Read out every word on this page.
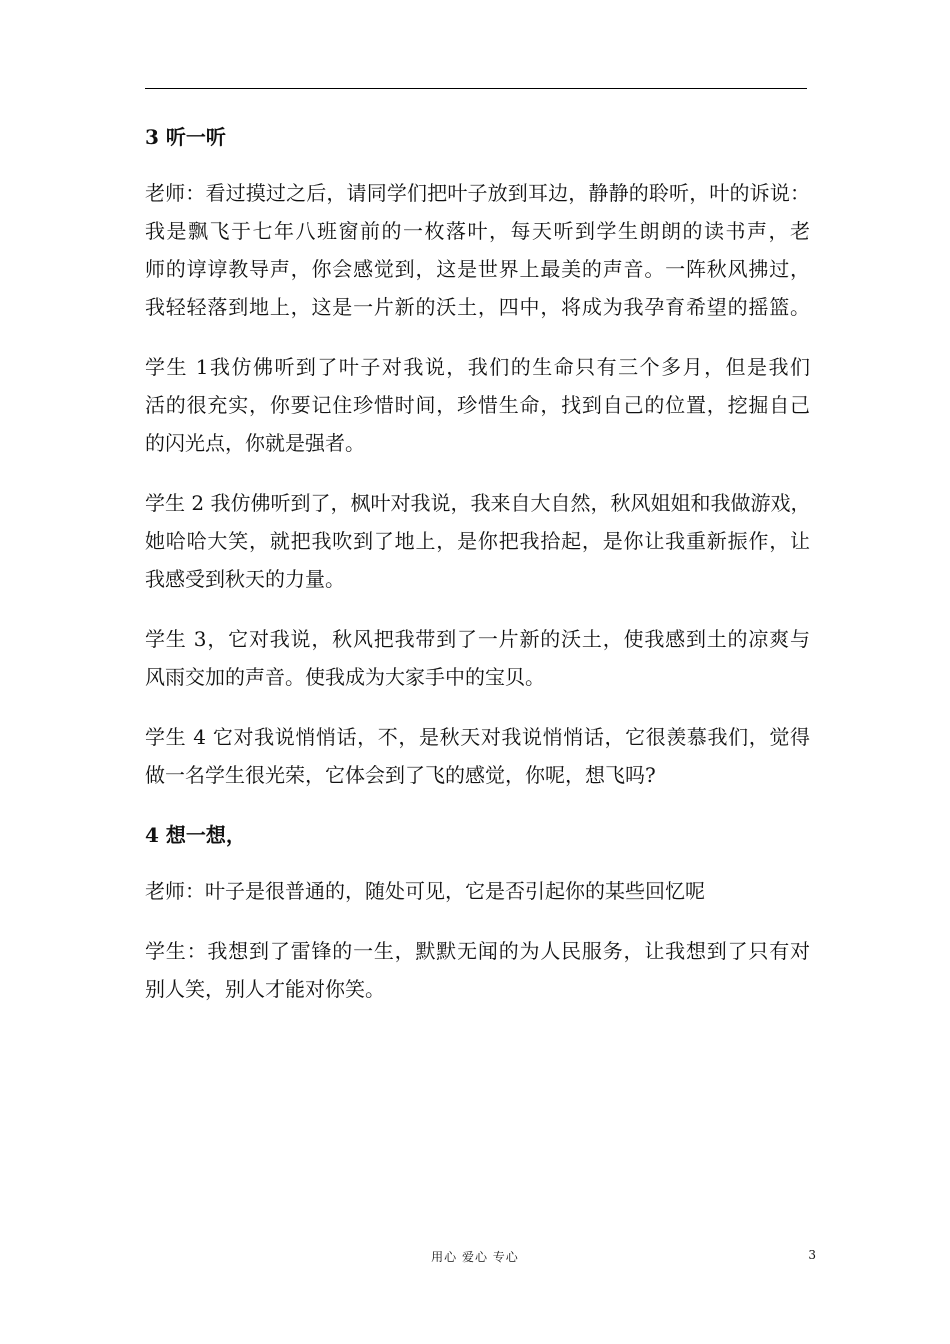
3 听一听
老师：看过摸过之后，请同学们把叶子放到耳边，静静的聆听，叶的诉说：
我是飘飞于七年八班窗前的一枚落叶，每天听到学生朗朗的读书声，老
师的谆谆教导声，你会感觉到，这是世界上最美的声音。一阵秋风拂过，
我轻轻落到地上，这是一片新的沃土，四中，将成为我孕育希望的摇篮。
学生 1我仿佛听到了叶子对我说，我们的生命只有三个多月，但是我们
活的很充实，你要记住珍惜时间，珍惜生命，找到自己的位置，挖掘自己
的闪光点，你就是强者。
学生 2 我仿佛听到了，枫叶对我说，我来自大自然，秋风姐姐和我做游戏，
她哈哈大笑，就把我吹到了地上，是你把我拾起，是你让我重新振作，让
我感受到秋天的力量。
学生 3，它对我说，秋风把我带到了一片新的沃土，使我感到土的凉爽与
风雨交加的声音。使我成为大家手中的宝贝。
学生 4 它对我说悄悄话，不，是秋天对我说悄悄话，它很羡慕我们，觉得
做一名学生很光荣，它体会到了飞的感觉，你呢，想飞吗?
4 想一想，
老师：叶子是很普通的，随处可见，它是否引起你的某些回忆呢
学生：我想到了雷锋的一生，默默无闻的为人民服务，让我想到了只有对
别人笑，别人才能对你笑。
用心 爱心 专心	3
